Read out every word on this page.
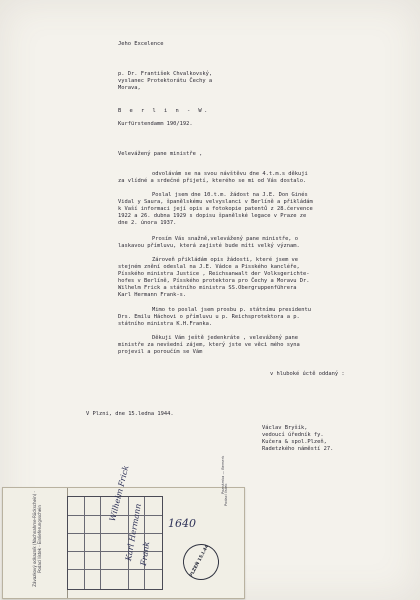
Jeho Excelence
p. Dr. František Chvalkovský,
vyslanec Protektorátu Čechy a
Morava,
B e r l i n - W.
Kurfürstendamm 190/192.
Velevážený pane ministře ,
odvolávám se na svou návštěvu dne 4.t.m.s děkuji
za vlídné a srdečné přijetí, kterého se mi od Vás dostalo.
Poslal jsem dne 10.t.m. žádost na J.E. Don Ginés
Vidal y Saura, španělskému velvyslanci v Berlíně a přikládám
k Vaší informaci její opis a fotokopie patentů z 28.července
1922 a 26. dubna 1929 s dopisu španělské legace v Praze ze
dne 2. února 1937.
Prosím Vás snažně,velevážený pane ministře, o
laskavou přímluvu, která zajisté bude míti velký význam.
Zároveň přikládám opis žádosti, které jsem ve
stejném znění odeslal na J.E. Vádce a Pisského kancléře,
Písského ministra Justice , Reichsanwalt der Volksgerichte-
hofes v Berlíně, Písského protektora pro Čechy a Moravu Dr.
Wilhelm Frick a státního ministra SS.Obergruppenführera
Karl Hermann Frank-s.
Mimo to poslal jsem prosbu p. státnímu presidentu
Drs. Emilu Háchovi o přímluvu u p. Reichsprotektora a p.
státního ministra K.H.Franka.
Děkuji Vám ještě jedenkráte , velevážený pane
ministře za nevšední zájem, který jste ve věci mého syna
projevil a poroučím se Vám
v hluboké úctě oddaný :
V Plzni, dne 15.ledna 1944.
Václav Bryšík,
vedoucí úředník fy.
Kučera & spol.Plzeň,
Radetzkého náměstí 27.
Závazkový odkazník (Nachnahme-Rückschein) · Podací lístek · Einlieferungsschein
Poznámka — Bemerk
Wilhelm Frick
Karl Hermann
Frank
1640
PLZEŇ 15.I.44
Podací lístek
